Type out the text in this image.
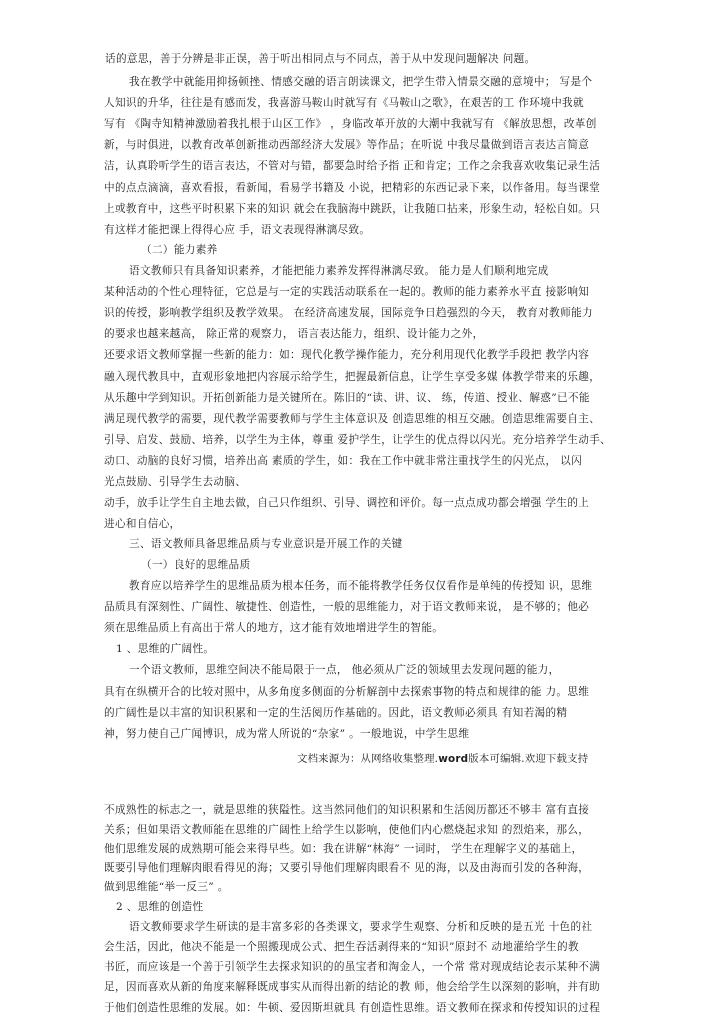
话的意思，善于分辨是非正误，善于听出相同点与不同点，善于从中发现问题解决 问题。
我在教学中就能用抑扬顿挫、情感交融的语言朗读课文，把学生带入情景交融的意境中； 写是个
人知识的升华，往往是有感而发，我喜游马鞍山时就写有《马鞍山之歌》，在艰苦的工 作环境中我就
写有 《陶寺知精神激励着我扎根于山区工作》 ，身临改革开放的大潮中我就写有 《解放思想，改革创
新，与时俱进，以教育改革创新推动西部经济大发展》等作品；在听说 中我尽量做到语言表达言简意
洁，认真聆听学生的语言表达，不管对与错，都要急时给予指 正和肯定；工作之余我喜欢收集记录生活
中的点点滴滴，喜欢看报，看新闻，看易学书籍及 小说，把精彩的东西记录下来，以作备用。每当课堂
上或教育中，这些平时积累下来的知识 就会在我脑海中跳跃，让我随口拈来，形象生动，轻松自如。只
有这样才能把课上得得心应 手，语文表现得淋漓尽致。
（二）能力素养
语文教师只有具备知识素养，才能把能力素养发挥得淋漓尽致。 能力是人们顺利地完成
某种活动的个性心理特征，它总是与一定的实践活动联系在一起的。教师的能力素养水平直 接影响知
识的传授，影响教学组织及教学效果。 在经济高速发展，国际竞争日趋强烈的今天， 教育对教师能力
的要求也越来越高， 除正常的观察力， 语言表达能力，组织、设计能力之外，
还要求语文教师掌握一些新的能力：如：现代化教学操作能力，充分利用现代化教学手段把 教学内容
融入现代教具中，直观形象地把内容展示给学生，把握最新信息，让学生享受多媒 体教学带来的乐趣，
从乐趣中学到知识。开拓创新能力是关键所在。陈旧的“读、讲、议、 练，传道、授业、解惑”已不能
满足现代教学的需要，现代教学需要教师与学生主体意识及 创造思维的相互交融。创造思维需要自主、
引导、启发、鼓励、培养，以学生为主体，尊重 爱护学生，让学生的优点得以闪光。充分培养学生动手、
动口、动脑的良好习惯，培养出高 素质的学生，如：我在工作中就非常注重找学生的闪光点， 以闪
光点鼓励、引导学生去动脑、
动手，放手让学生自主地去做，自己只作组织、引导、调控和评价。每一点点成功都会增强 学生的上
进心和自信心，
三、语文教师具备思维品质与专业意识是开展工作的关键
（一）良好的思维品质
教育应以培养学生的思维品质为根本任务，而不能将教学任务仅仅看作是单纯的传授知 识，思维
品质具有深刻性、广阔性、敏捷性、创造性，一般的思维能力，对于语文教师来说， 是不够的；他必
须在思维品质上有高出于常人的地方，这才能有效地增进学生的智能。
1 、思维的广阔性。
一个语文教师，思维空间决不能局限于一点， 他必须从广泛的领域里去发现问题的能力，
具有在纵横开合的比较对照中，从多角度多侧面的分析解剖中去探索事物的特点和规律的能 力。思维
的广阔性是以丰富的知识积累和一定的生活阅历作基础的。因此，语文教师必须具 有知若渴的精
神，努力使自己广闻博识，成为常人所说的“杂家” 。一般地说，中学生思维
文档来源为：从网络收集整理.word版本可编辑.欢迎下载支持
不成熟性的标志之一，就是思维的狭隘性。这当然同他们的知识积累和生活阅历都还不够丰 富有直接
关系；但如果语文教师能在思维的广阔性上给学生以影响，使他们内心燃烧起求知 的烈焰来，那么，
他们思维发展的成熟期可能会来得早些。如：我在讲解“林海” 一词时， 学生在理解字义的基础上，
既要引导他们理解肉眼看得见的海；又要引导他们理解肉眼看不 见的海，以及由海而引发的各种海，
做到思维能“举一反三” 。
2 、思维的创造性
语文教师要求学生研读的是丰富多彩的各类课文，要求学生观察、分析和反映的是五光 十色的社
会生活，因此，他决不能是一个照搬现成公式、把生吞活剥得来的“知识”原封不 动地灌给学生的教
书匠，而应该是一个善于引领学生去探求知识的的虽宝者和淘金人，一个常 常对现成结论表示某种不满
足，因而喜欢从新的角度来解释既成事实从而得出新的结论的教 师，他会给学生以深刻的影响，并有助
于他们创造性思维的发展。如：牛顿、爱因斯坦就具 有创造性思维。语文教师在探求和传授知识的过程
